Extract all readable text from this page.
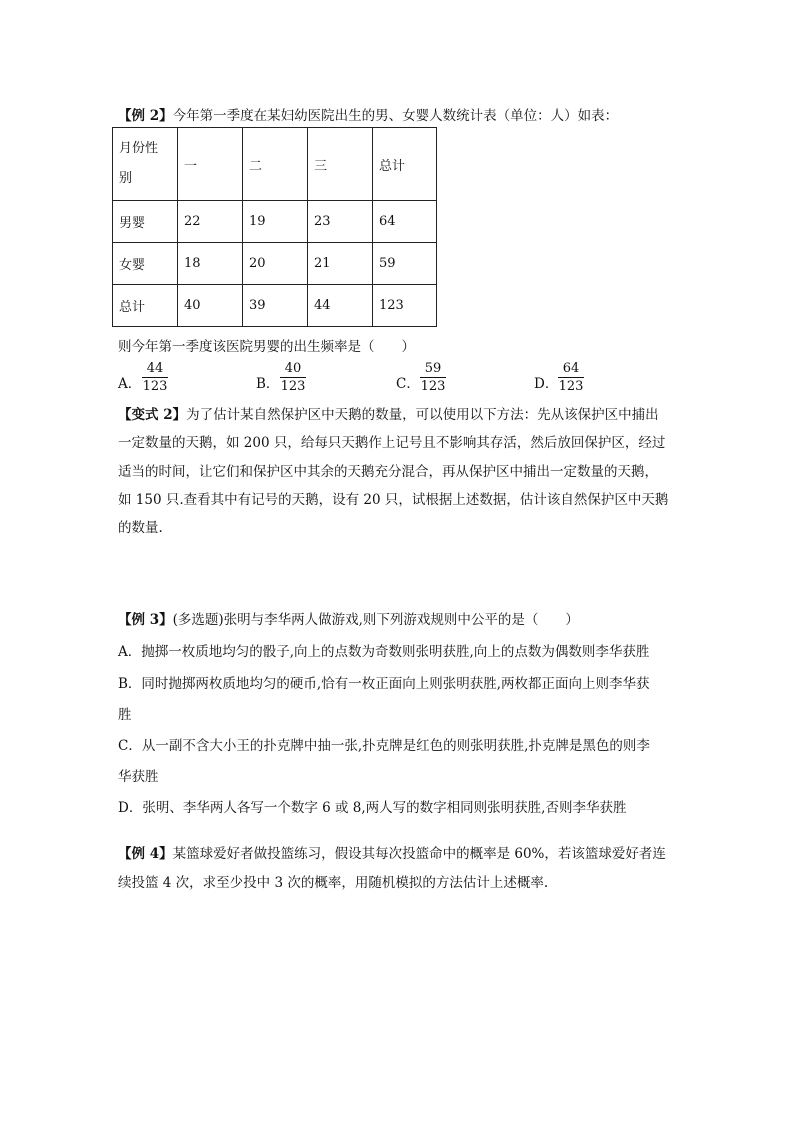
【例 2】今年第一季度在某妇幼医院出生的男、女婴人数统计表（单位：人）如表：
月份性
别	一	二	三	总计
男婴	22	19	23	64
女婴	18	20	21	59
总计	40	39	44	123
则今年第一季度该医院男婴的出生频率是（　　）
A．
44
123	B．
40
123	C．
59
123	D．
64
123
【变式 2】为了估计某自然保护区中天鹅的数量，可以使用以下方法：先从该保护区中捕出
一定数量的天鹅，如 200 只，给每只天鹅作上记号且不影响其存活，然后放回保护区，经过
适当的时间，让它们和保护区中其余的天鹅充分混合，再从保护区中捕出一定数量的天鹅，
如 150 只.查看其中有记号的天鹅，设有 20 只，试根据上述数据，估计该自然保护区中天鹅
的数量.
【例 3】(多选题)张明与李华两人做游戏,则下列游戏规则中公平的是（　　）
A．抛掷一枚质地均匀的骰子,向上的点数为奇数则张明获胜,向上的点数为偶数则李华获胜
B．同时抛掷两枚质地均匀的硬币,恰有一枚正面向上则张明获胜,两枚都正面向上则李华获
胜
C．从一副不含大小王的扑克牌中抽一张,扑克牌是红色的则张明获胜,扑克牌是黑色的则李
华获胜
D．张明、李华两人各写一个数字 6 或 8,两人写的数字相同则张明获胜,否则李华获胜
【例 4】某篮球爱好者做投篮练习，假设其每次投篮命中的概率是 60%，若该篮球爱好者连
续投篮 4 次，求至少投中 3 次的概率，用随机模拟的方法估计上述概率.
